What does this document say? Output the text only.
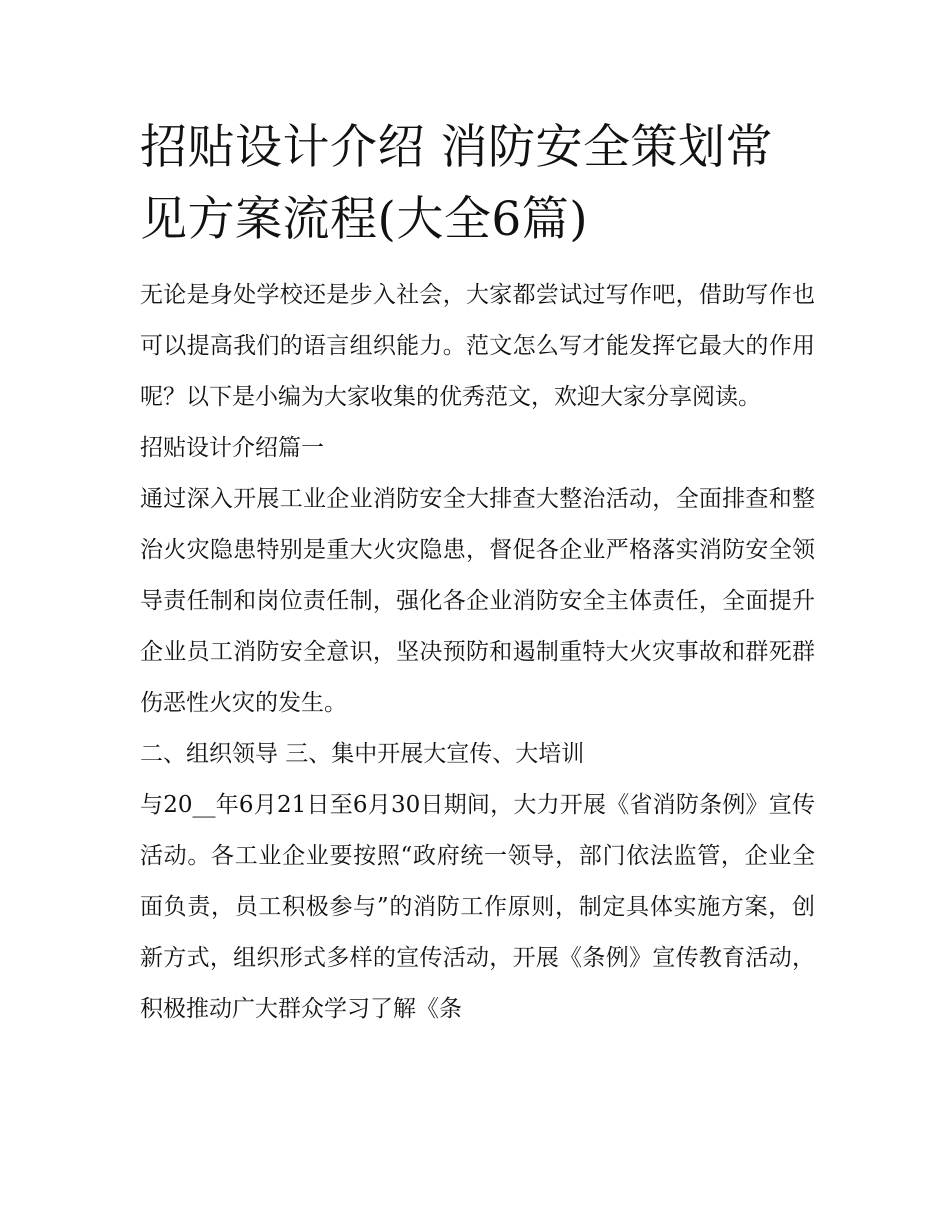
招贴设计介绍 消防安全策划常见方案流程(大全6篇)

无论是身处学校还是步入社会，大家都尝试过写作吧，借助写作也可以提高我们的语言组织能力。范文怎么写才能发挥它最大的作用呢？以下是小编为大家收集的优秀范文，欢迎大家分享阅读。

招贴设计介绍篇一

通过深入开展工业企业消防安全大排查大整治活动，全面排查和整治火灾隐患特别是重大火灾隐患，督促各企业严格落实消防安全领导责任制和岗位责任制，强化各企业消防安全主体责任，全面提升企业员工消防安全意识，坚决预防和遏制重特大火灾事故和群死群伤恶性火灾的发生。

二、组织领导 三、集中开展大宣传、大培训

与20__年6月21日至6月30日期间，大力开展《省消防条例》宣传活动。各工业企业要按照“政府统一领导，部门依法监管，企业全面负责，员工积极参与”的消防工作原则，制定具体实施方案，创新方式，组织形式多样的宣传活动，开展《条例》宣传教育活动，积极推动广大群众学习了解《条
